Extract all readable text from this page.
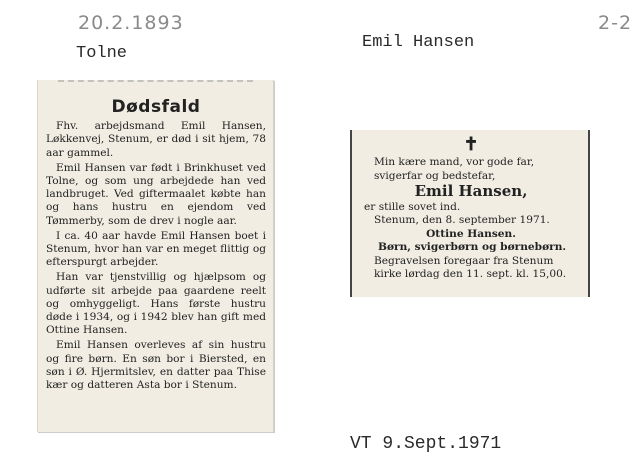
20.2.1893	2-2
Tolne
Emil Hansen
VT 9.Sept.1971
Dødsfald

Fhv. arbejdsmand Emil Hansen, Løkkenvej, Stenum, er død i sit hjem, 78 aar gammel.

Emil Hansen var født i Brinkhuset ved Tolne, og som ung arbejdede han ved landbruget. Ved giftermaalet købte han og hans hustru en ejendom ved Tømmerby, som de drev i nogle aar.

I ca. 40 aar havde Emil Hansen boet i Stenum, hvor han var en meget flittig og efterspurgt arbejder.

Han var tjenstvillig og hjælpsom og udførte sit arbejde paa gaardene reelt og omhyggeligt. Hans første hustru døde i 1934, og i 1942 blev han gift med Ottine Hansen.

Emil Hansen overleves af sin hustru og fire børn. En søn bor i Biersted, en søn i Ø. Hjermitslev, en datter paa Thise kær og datteren Asta bor i Stenum.

✝
Min kære mand, vor gode far, svigerfar og bedstefar,
Emil Hansen,
er stille sovet ind.
Stenum, den 8. september 1971.
Ottine Hansen.
Børn, svigerbørn og børnebørn.
Begravelsen foregaar fra Stenum kirke lørdag den 11. sept. kl. 15,00.
